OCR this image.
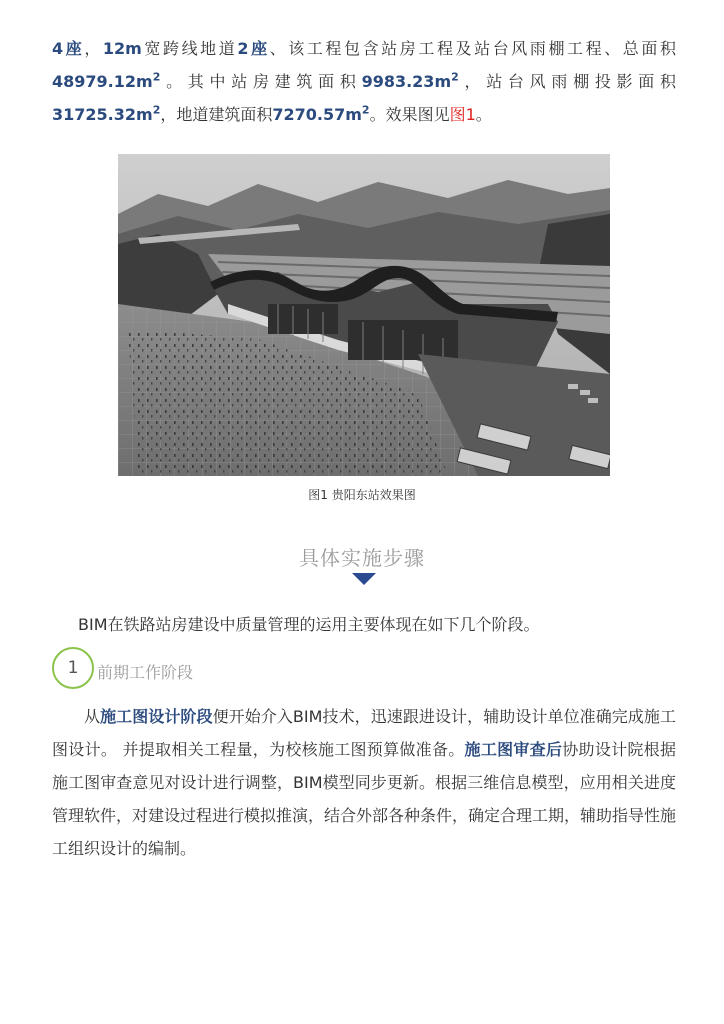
4座，12m宽跨线地道2座、该工程包含站房工程及站台风雨棚工程、总面积
$48979.12m^2$。其中站房建筑面积$9983.23m^2$，站台风雨棚投影面积
$31725.32m^2$，地道建筑面积$7270.57m^2$。效果图见图1。
图1 贵阳东站效果图
具体实施步骤
BIM在铁路站房建设中质量管理的运用主要体现在如下几个阶段。
1	前期工作阶段
从施工图设计阶段便开始介入BIM技术，迅速跟进设计，辅助设计单位准确完成施工图设计。 并提取相关工程量，为校核施工图预算做准备。施工图审查后协助设计院根据施工图审查意见对设计进行调整，BIM模型同步更新。根据三维信息模型，应用相关进度管理软件，对建设过程进行模拟推演，结合外部各种条件，确定合理工期，辅助指导性施工组织设计的编制。
